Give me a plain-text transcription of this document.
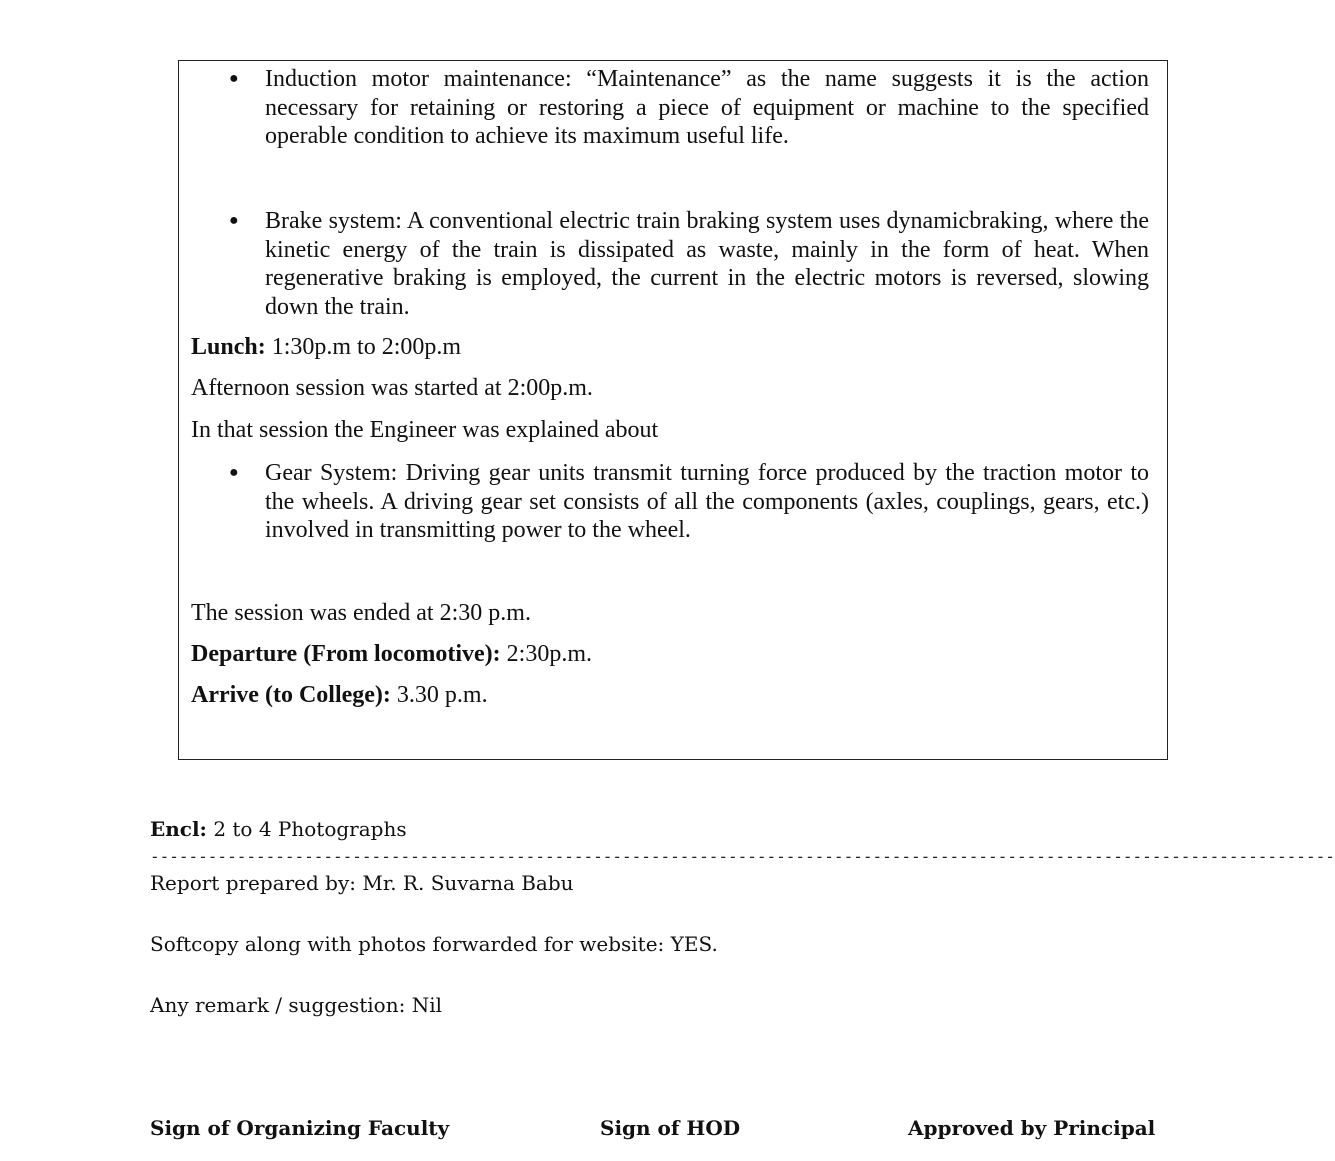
● Induction motor maintenance: “Maintenance” as the name suggests it is the action necessary for retaining or restoring a piece of equipment or machine to the specified operable condition to achieve its maximum useful life.
● Brake system: A conventional electric train braking system uses dynamicbraking, where the kinetic energy of the train is dissipated as waste, mainly in the form of heat. When regenerative braking is employed, the current in the electric motors is reversed, slowing down the train.
Lunch: 1:30p.m to 2:00p.m
Afternoon session was started at 2:00p.m.
In that session the Engineer was explained about
● Gear System: Driving gear units transmit turning force produced by the traction motor to the wheels. A driving gear set consists of all the components (axles, couplings, gears, etc.) involved in transmitting power to the wheel.
The session was ended at 2:30 p.m.
Departure (From locomotive): 2:30p.m.
Arrive (to College): 3.30 p.m.
Encl: 2 to 4 Photographs
---------------------------------------------------------------------------------------------------------------------------
Report prepared by: Mr. R. Suvarna Babu
Softcopy along with photos forwarded for website: YES.
Any remark / suggestion: Nil
Sign of Organizing Faculty	Sign of HOD	Approved by Principal
